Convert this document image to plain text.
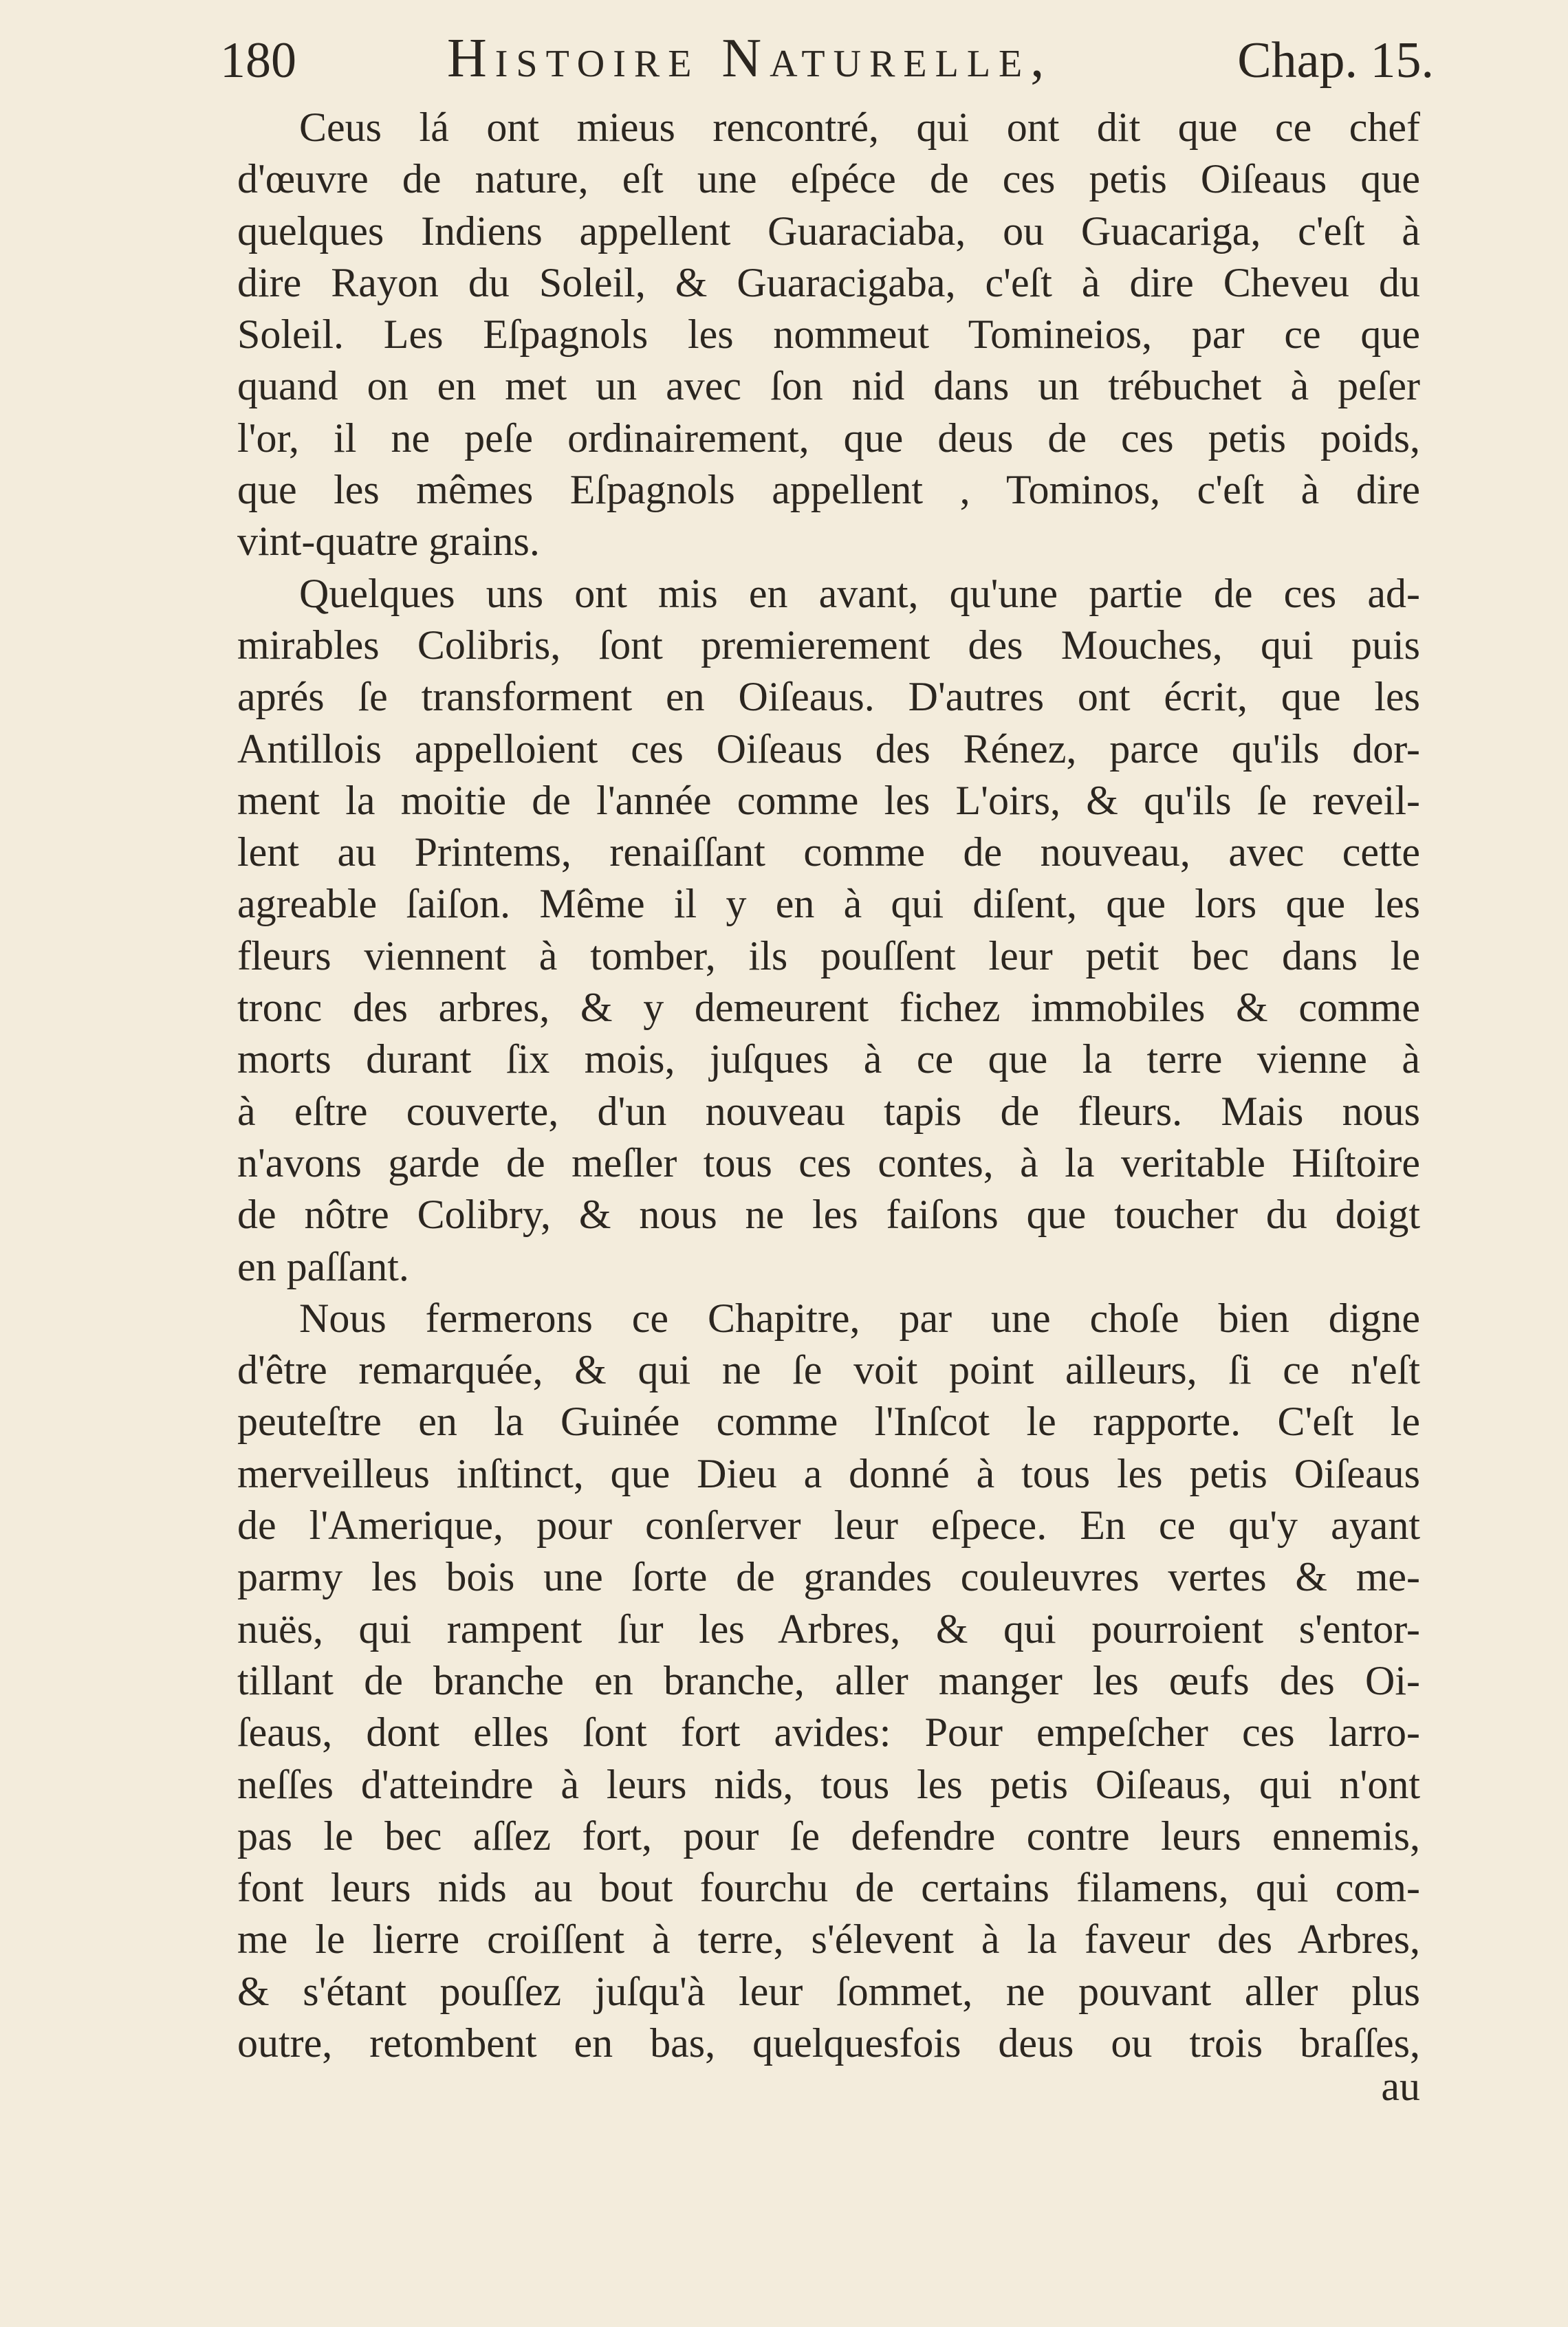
180	Histoire Naturelle,	Chap. 15.
Ceus lá ont mieus rencontré, qui ont dit que ce chef
d'œuvre de nature, eſt une eſpéce de ces petis Oiſeaus que
quelques Indiens appellent Guaraciaba, ou Guacariga, c'eſt à
dire Rayon du Soleil, & Guaracigaba, c'eſt à dire Cheveu du
Soleil. Les Eſpagnols les nommeut Tomineios, par ce que
quand on en met un avec ſon nid dans un trébuchet à peſer
l'or, il ne peſe ordinairement, que deus de ces petis poids,
que les mêmes Eſpagnols appellent , Tominos, c'eſt à dire
vint-quatre grains.
Quelques uns ont mis en avant, qu'une partie de ces ad-
mirables Colibris, ſont premierement des Mouches, qui puis
aprés ſe transforment en Oiſeaus. D'autres ont écrit, que les
Antillois appelloient ces Oiſeaus des Rénez, parce qu'ils dor-
ment la moitie de l'année comme les L'oirs, & qu'ils ſe reveil-
lent au Printems, renaiſſant comme de nouveau, avec cette
agreable ſaiſon. Même il y en à qui diſent, que lors que les
fleurs viennent à tomber, ils pouſſent leur petit bec dans le
tronc des arbres, & y demeurent fichez immobiles & comme
morts durant ſix mois, juſques à ce que la terre vienne à
à eſtre couverte, d'un nouveau tapis de fleurs. Mais nous
n'avons garde de meſler tous ces contes, à la veritable Hiſtoire
de nôtre Colibry, & nous ne les faiſons que toucher du doigt
en paſſant.
Nous fermerons ce Chapitre, par une choſe bien digne
d'être remarquée, & qui ne ſe voit point ailleurs, ſi ce n'eſt
peuteſtre en la Guinée comme l'Inſcot le rapporte. C'eſt le
merveilleus inſtinct, que Dieu a donné à tous les petis Oiſeaus
de l'Amerique, pour conſerver leur eſpece. En ce qu'y ayant
parmy les bois une ſorte de grandes couleuvres vertes & me-
nuës, qui rampent ſur les Arbres, & qui pourroient s'entor-
tillant de branche en branche, aller manger les œufs des Oi-
ſeaus, dont elles ſont fort avides: Pour empeſcher ces larro-
neſſes d'atteindre à leurs nids, tous les petis Oiſeaus, qui n'ont
pas le bec aſſez fort, pour ſe defendre contre leurs ennemis,
font leurs nids au bout fourchu de certains filamens, qui com-
me le lierre croiſſent à terre, s'élevent à la faveur des Arbres,
& s'étant pouſſez juſqu'à leur ſommet, ne pouvant aller plus
outre, retombent en bas, quelquesfois deus ou trois braſſes,
au
